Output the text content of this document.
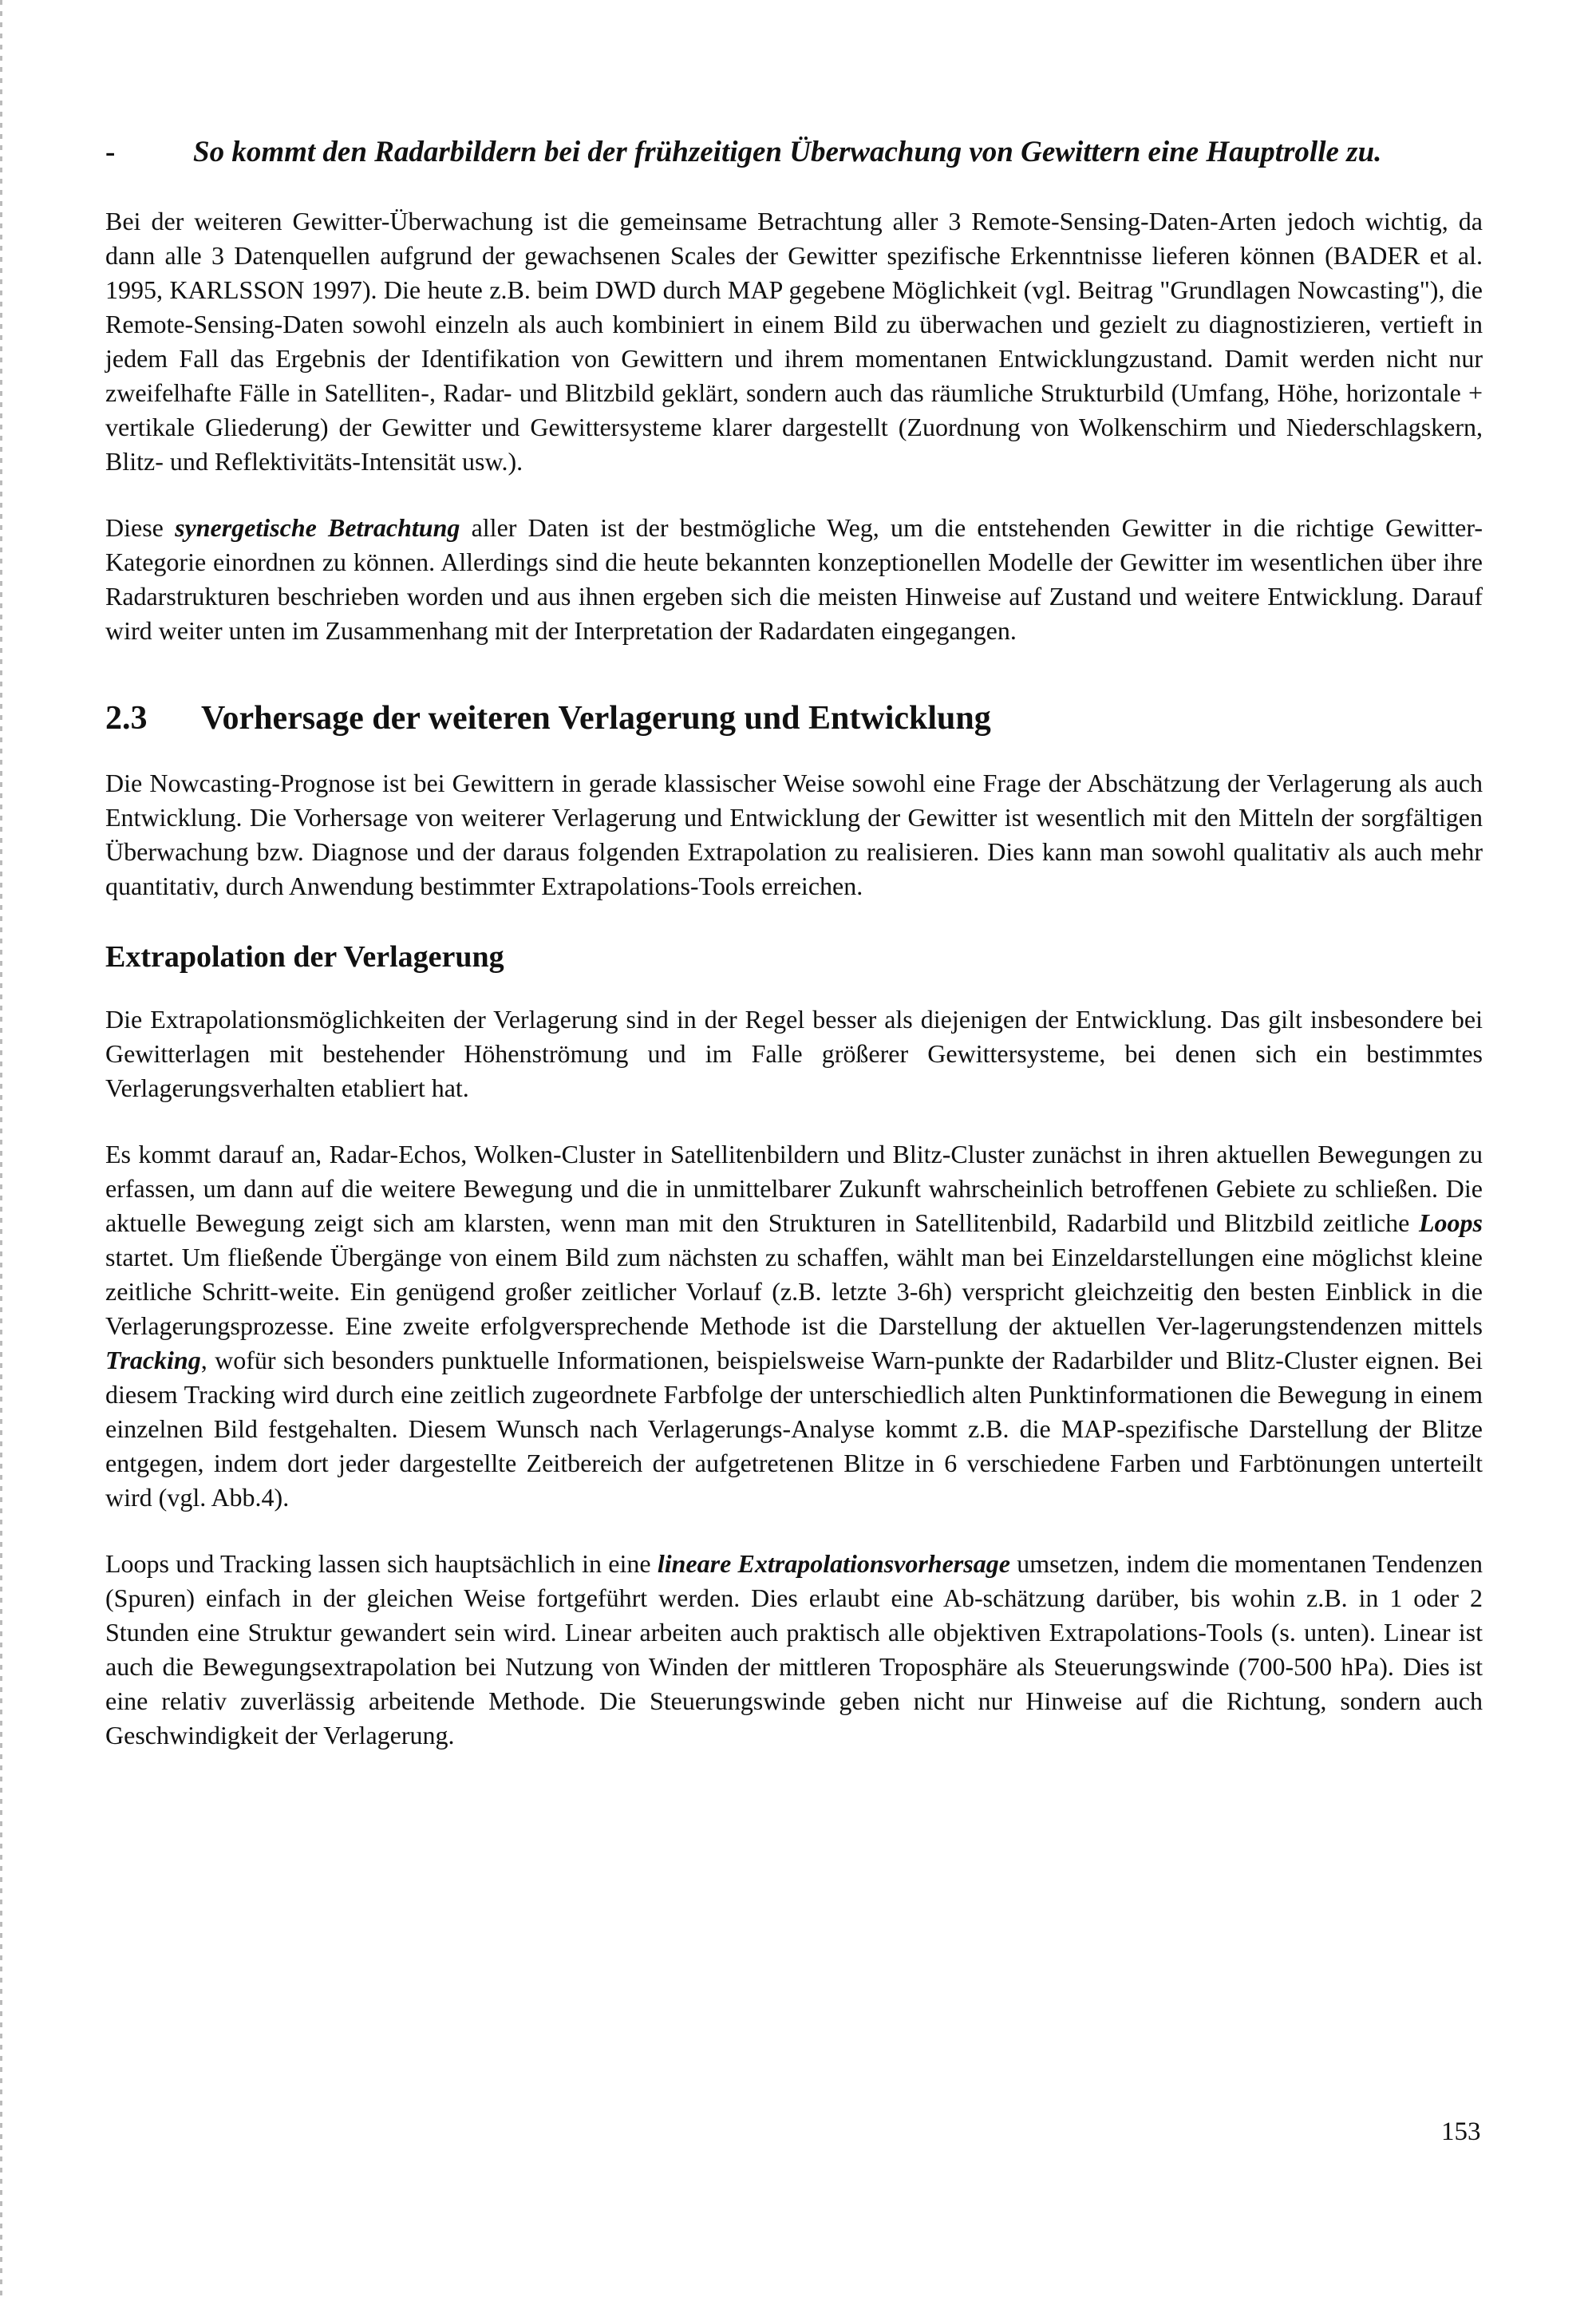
-	So kommt den Radarbildern bei der frühzeitigen Überwachung von Gewittern eine Hauptrolle zu.

Bei der weiteren Gewitter-Überwachung ist die gemeinsame Betrachtung aller 3 Remote-Sensing-Daten-Arten jedoch wichtig, da dann alle 3 Datenquellen aufgrund der gewachsenen Scales der Gewitter spezifische Erkenntnisse lieferen können (BADER et al. 1995, KARLSSON 1997). Die heute z.B. beim DWD durch MAP gegebene Möglichkeit (vgl. Beitrag "Grundlagen Nowcasting"), die Remote-Sensing-Daten sowohl einzeln als auch kombiniert in einem Bild zu überwachen und gezielt zu diagnostizieren, vertieft in jedem Fall das Ergebnis der Identifikation von Gewittern und ihrem momentanen Entwicklungzustand. Damit werden nicht nur zweifelhafte Fälle in Satelliten-, Radar- und Blitzbild geklärt, sondern auch das räumliche Strukturbild (Umfang, Höhe, horizontale + vertikale Gliederung) der Gewitter und Gewittersysteme klarer dargestellt (Zuordnung von Wolkenschirm und Niederschlagskern, Blitz- und Reflektivitäts-Intensität usw.).

Diese synergetische Betrachtung aller Daten ist der bestmögliche Weg, um die entstehenden Gewitter in die richtige Gewitter-Kategorie einordnen zu können. Allerdings sind die heute bekannten konzeptionellen Modelle der Gewitter im wesentlichen über ihre Radarstrukturen beschrieben worden und aus ihnen ergeben sich die meisten Hinweise auf Zustand und weitere Entwicklung. Darauf wird weiter unten im Zusammenhang mit der Interpretation der Radardaten eingegangen.

2.3	Vorhersage der weiteren Verlagerung und Entwicklung

Die Nowcasting-Prognose ist bei Gewittern in gerade klassischer Weise sowohl eine Frage der Abschätzung der Verlagerung als auch Entwicklung. Die Vorhersage von weiterer Verlagerung und Entwicklung der Gewitter ist wesentlich mit den Mitteln der sorgfältigen Überwachung bzw. Diagnose und der daraus folgenden Extrapolation zu realisieren. Dies kann man sowohl qualitativ als auch mehr quantitativ, durch Anwendung bestimmter Extrapolations-Tools erreichen.

Extrapolation der Verlagerung

Die Extrapolationsmöglichkeiten der Verlagerung sind in der Regel besser als diejenigen der Entwicklung. Das gilt insbesondere bei Gewitterlagen mit bestehender Höhenströmung und im Falle größerer Gewittersysteme, bei denen sich ein bestimmtes Verlagerungsverhalten etabliert hat.

Es kommt darauf an, Radar-Echos, Wolken-Cluster in Satellitenbildern und Blitz-Cluster zunächst in ihren aktuellen Bewegungen zu erfassen, um dann auf die weitere Bewegung und die in unmittelbarer Zukunft wahrscheinlich betroffenen Gebiete zu schließen. Die aktuelle Bewegung zeigt sich am klarsten, wenn man mit den Strukturen in Satellitenbild, Radarbild und Blitzbild zeitliche Loops startet. Um fließende Übergänge von einem Bild zum nächsten zu schaffen, wählt man bei Einzeldarstellungen eine möglichst kleine zeitliche Schritt-weite. Ein genügend großer zeitlicher Vorlauf (z.B. letzte 3-6h) verspricht gleichzeitig den besten Einblick in die Verlagerungsprozesse. Eine zweite erfolgversprechende Methode ist die Darstellung der aktuellen Ver-lagerungstendenzen mittels Tracking, wofür sich besonders punktuelle Informationen, beispielsweise Warn-punkte der Radarbilder und Blitz-Cluster eignen. Bei diesem Tracking wird durch eine zeitlich zugeordnete Farbfolge der unterschiedlich alten Punktinformationen die Bewegung in einem einzelnen Bild festgehalten. Diesem Wunsch nach Verlagerungs-Analyse kommt z.B. die MAP-spezifische Darstellung der Blitze entgegen, indem dort jeder dargestellte Zeitbereich der aufgetretenen Blitze in 6 verschiedene Farben und Farbtönungen unterteilt wird (vgl. Abb.4).

Loops und Tracking lassen sich hauptsächlich in eine lineare Extrapolationsvorhersage umsetzen, indem die momentanen Tendenzen (Spuren) einfach in der gleichen Weise fortgeführt werden. Dies erlaubt eine Ab-schätzung darüber, bis wohin z.B. in 1 oder 2 Stunden eine Struktur gewandert sein wird. Linear arbeiten auch praktisch alle objektiven Extrapolations-Tools (s. unten). Linear ist auch die Bewegungsextrapolation bei Nutzung von Winden der mittleren Troposphäre als Steuerungswinde (700-500 hPa). Dies ist eine relativ zuverlässig arbeitende Methode. Die Steuerungswinde geben nicht nur Hinweise auf die Richtung, sondern auch Geschwindigkeit der Verlagerung.

153
